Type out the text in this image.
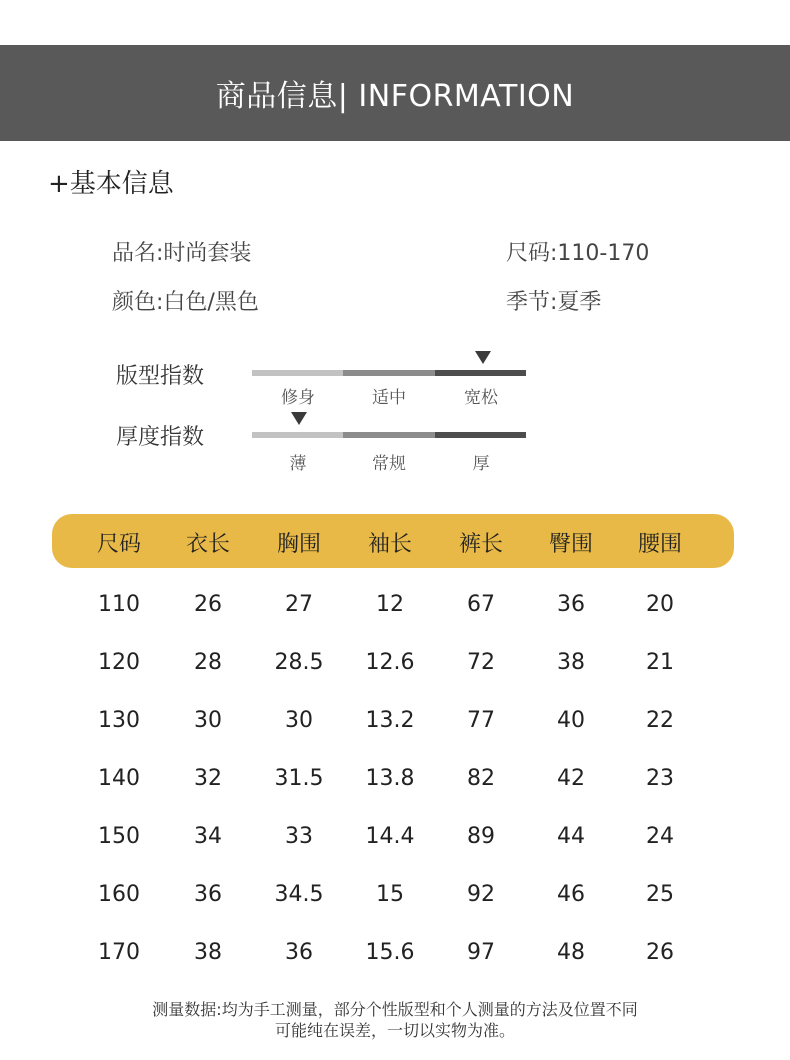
商品信息| INFORMATION
+基本信息
品名:时尚套装	尺码:110-170
颜色:白色/黑色	季节:夏季
版型指数
修身	适中	宽松
厚度指数
薄	常规	厚
尺码	衣长	胸围	袖长	裤长	臀围	腰围
110	26	27	12	67	36	20
120	28	28.5	12.6	72	38	21
130	30	30	13.2	77	40	22
140	32	31.5	13.8	82	42	23
150	34	33	14.4	89	44	24
160	36	34.5	15	92	46	25
170	38	36	15.6	97	48	26
测量数据:均为手工测量，部分个性版型和个人测量的方法及位置不同
可能纯在误差，一切以实物为准。
